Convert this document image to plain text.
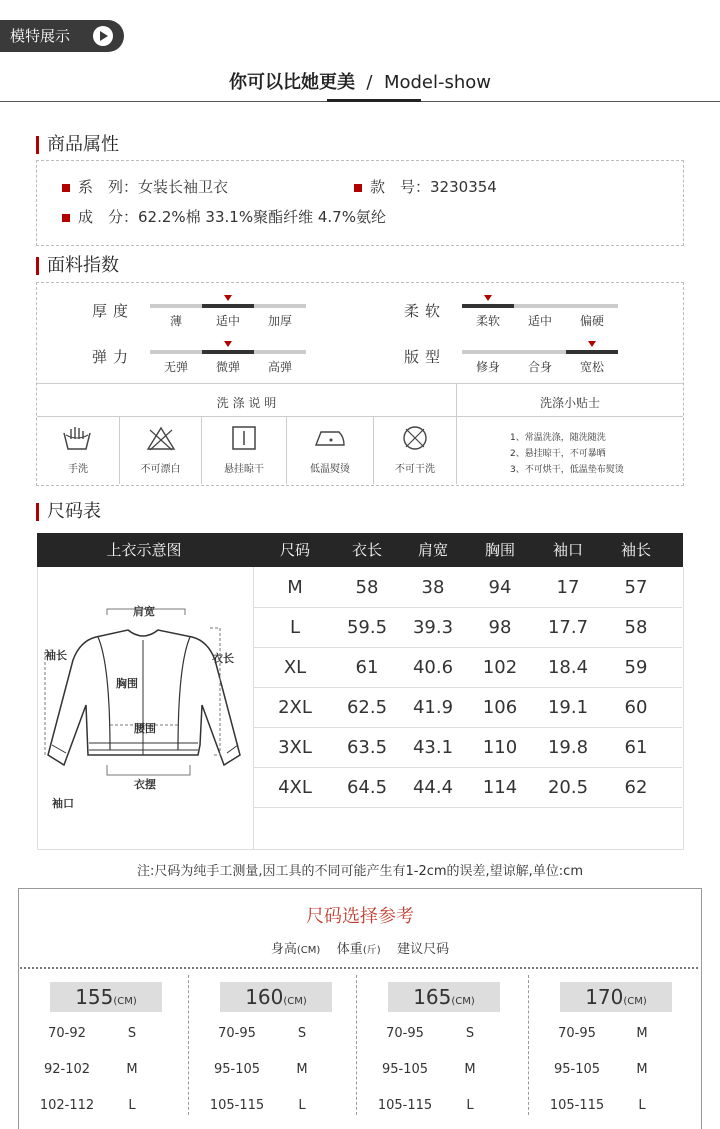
模特展示
你可以比她更美 / Model-show
商品属性
系　列：女装长袖卫衣	款　号：3230354
成　分：62.2%棉 33.1%聚酯纤维 4.7%氨纶
面料指数
厚度
薄	适中	加厚
弹力
无弹	微弹	高弹
柔软
柔软	适中	偏硬
版型
修身	合身	宽松
洗 涤 说 明	洗涤小贴士
手洗	不可漂白	悬挂晾干	低温熨烫	不可干洗
1、常温洗涤，随洗随洗
2、悬挂晾干，不可暴晒
3、不可烘干，低温垫布熨烫
尺码表
上衣示意图	尺码	衣长	肩宽	胸围	袖口	袖长
肩宽
袖长	衣长
胸围
腰围
衣摆
袖口
M	58	38	94	17	57
L	59.5	39.3	98	17.7	58
XL	61	40.6	102	18.4	59
2XL	62.5	41.9	106	19.1	60
3XL	63.5	43.1	110	19.8	61
4XL	64.5	44.4	114	20.5	62
注:尺码为纯手工测量,因工具的不同可能产生有1-2cm的误差,望谅解,单位:cm
尺码选择参考
身高(CM) 体重(斤) 建议尺码
155(CM)
70-92	S
92-102	M
102-112	L
160(CM)
70-95	S
95-105	M
105-115	L
165(CM)
70-95	S
95-105	M
105-115	L
170(CM)
70-95	M
95-105	M
105-115	L
